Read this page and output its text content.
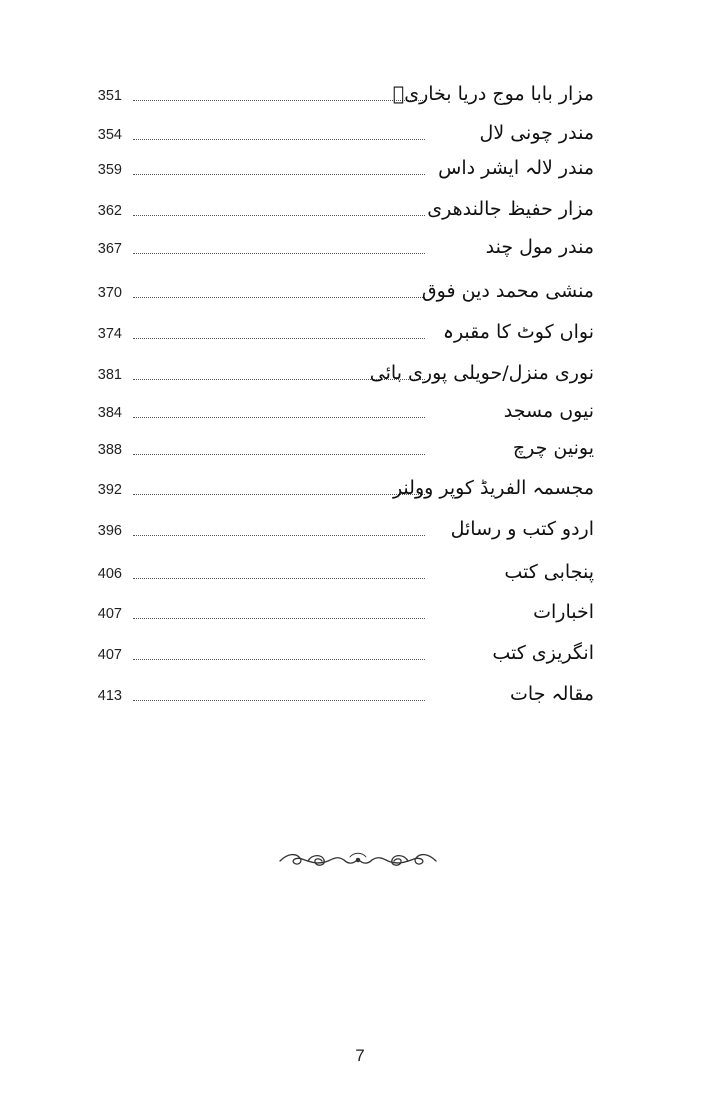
351	مزار بابا موج دریا بخاریؒ
354	مندر چونی لال
359	مندر لالہ ایشر داس
362	مزار حفیظ جالندھری
367	مندر مول چند
370	منشی محمد دین فوق
374	نواں کوٹ کا مقبرہ
381	نوری منزل/حویلی پوری بائی
384	نیوں مسجد
388	یونین چرچ
392	مجسمہ الفریڈ کوپر وولنر
396	اردو کتب و رسائل
406	پنجابی کتب
407	اخبارات
407	انگریزی کتب
413	مقالہ جات
7
